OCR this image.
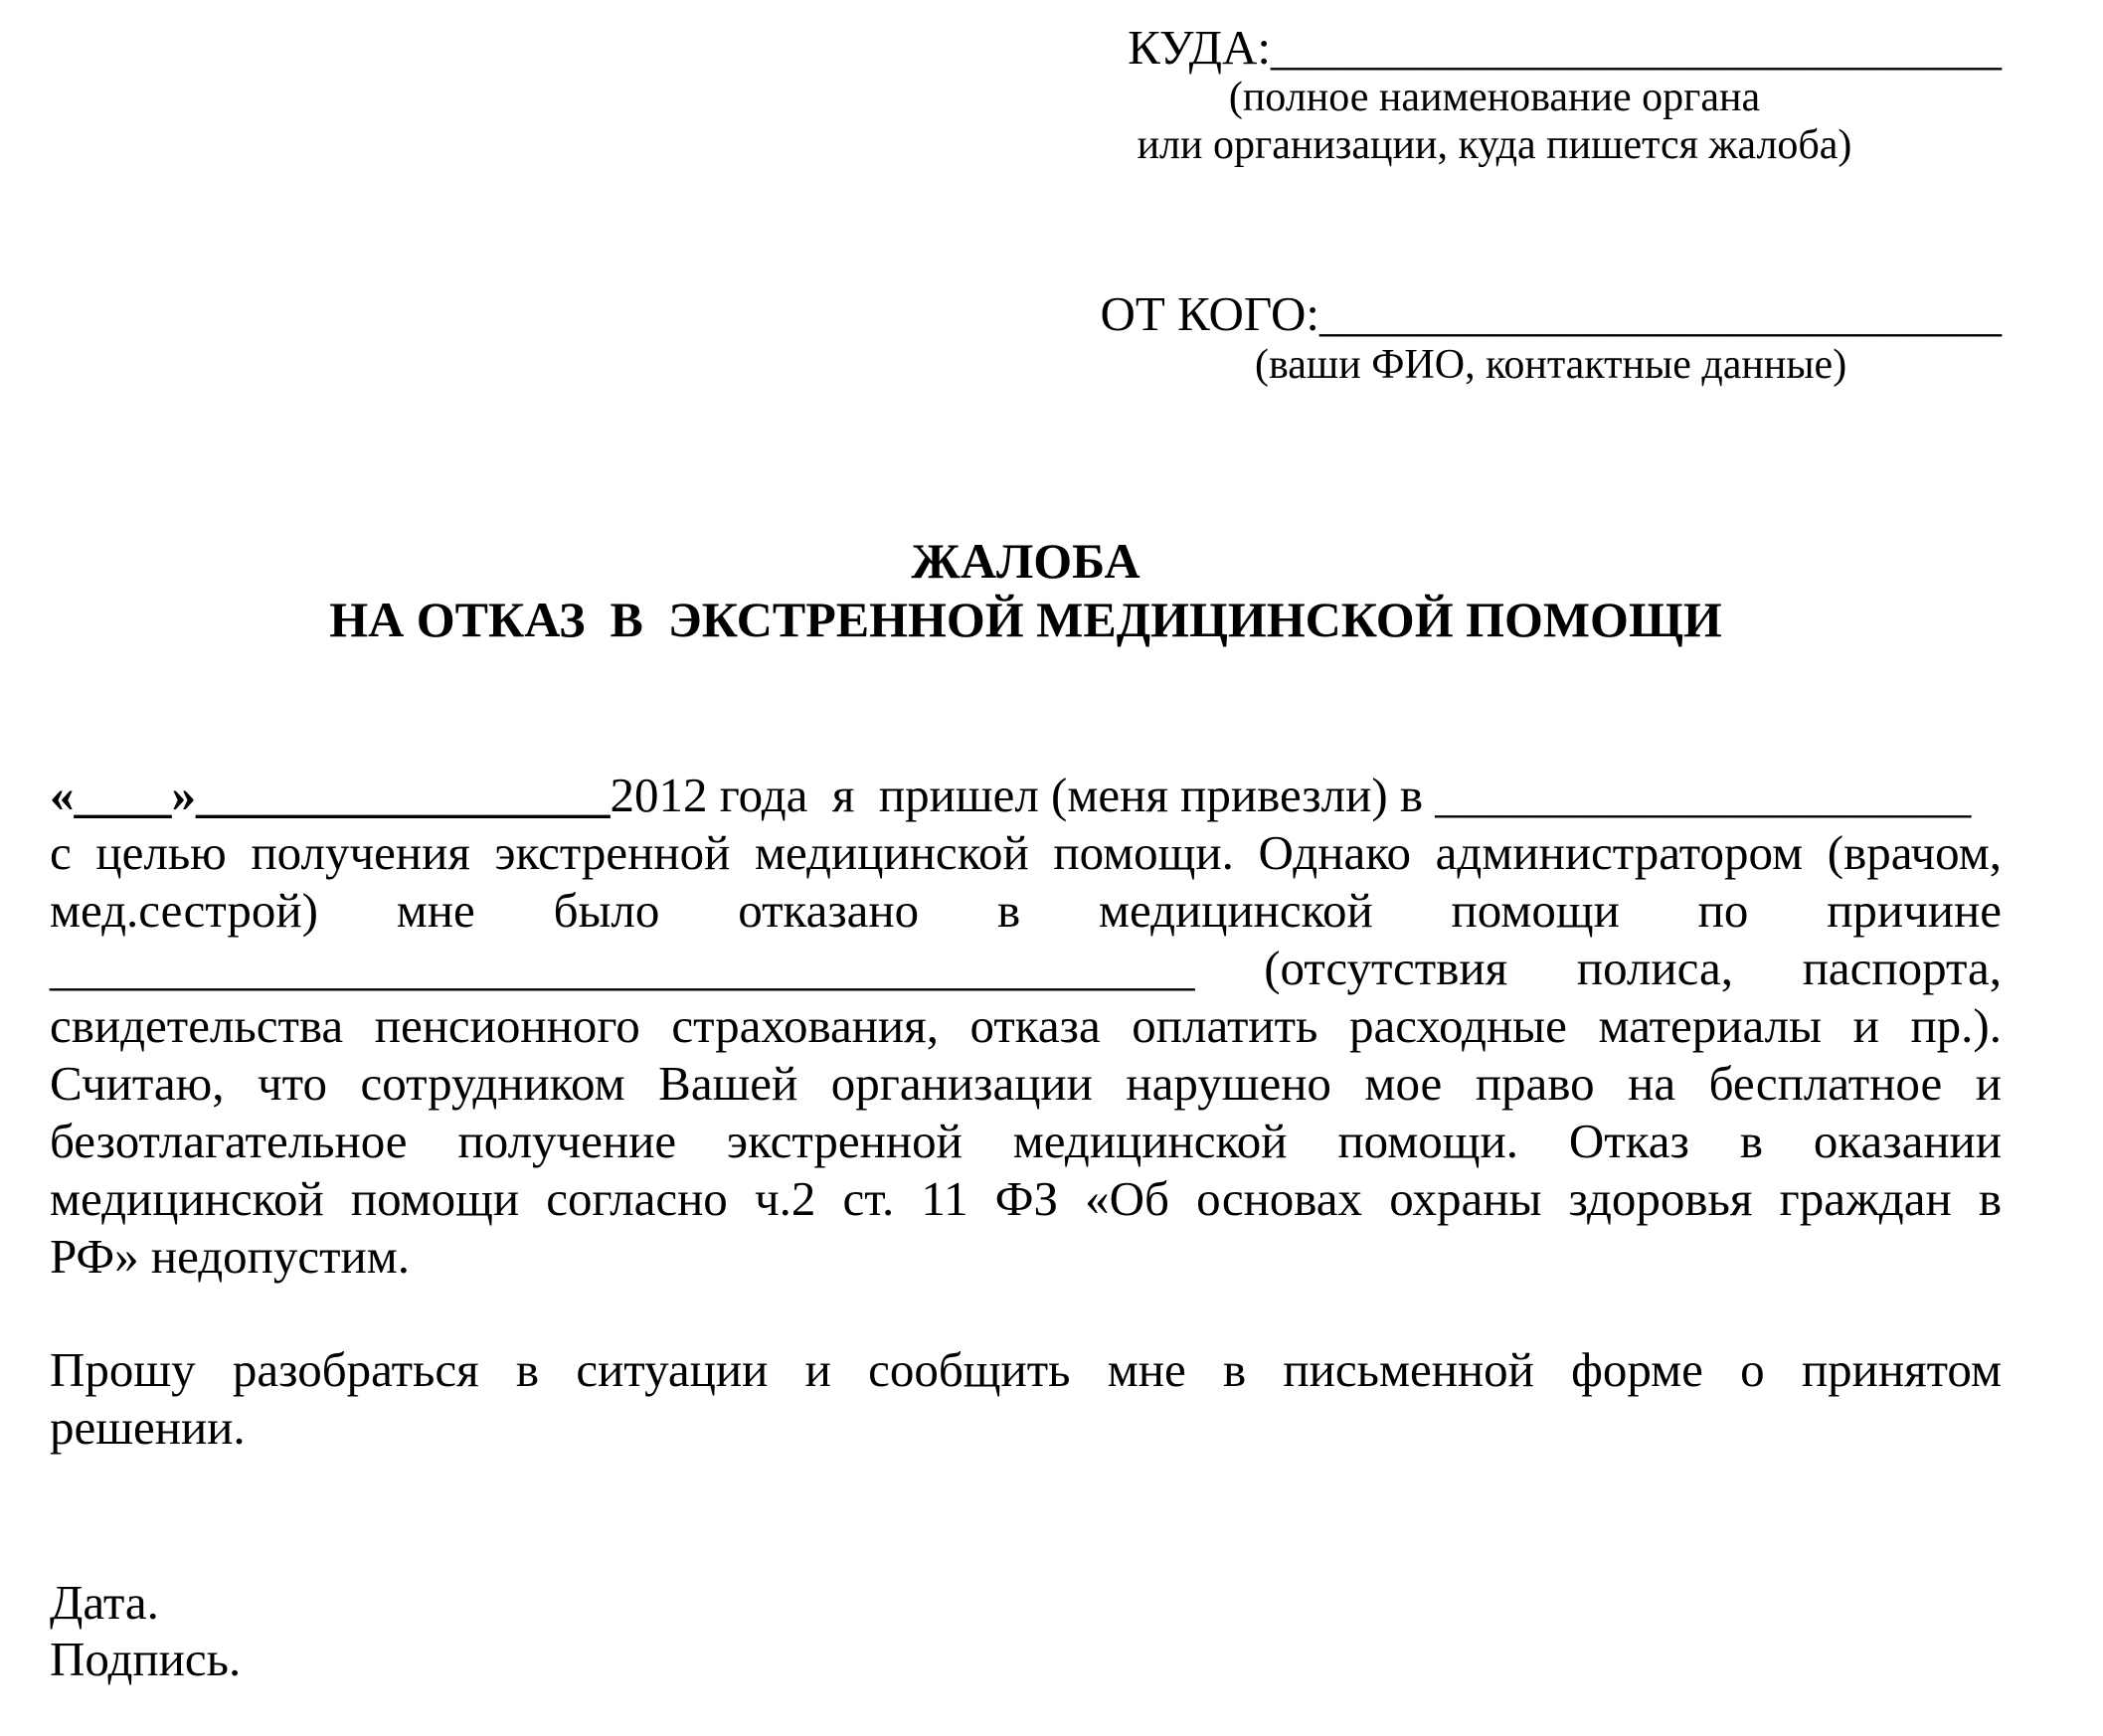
КУДА:______________________________
(полное наименование органа
или организации, куда пишется жалоба)
ОТ КОГО:____________________________
(ваши ФИО, контактные данные)
ЖАЛОБА
НА ОТКАЗ  В  ЭКСТРЕННОЙ МЕДИЦИНСКОЙ ПОМОЩИ
«____»_________________2012 года  я  пришел (меня привезли) в ______________________
с целью получения экстренной медицинской помощи. Однако администратором (врачом,
мед.сестрой) мне было отказано в медицинской помощи по причине
_______________________________________________ (отсутствия полиса, паспорта,
свидетельства пенсионного страхования, отказа оплатить расходные материалы и пр.).
Считаю, что сотрудником Вашей организации нарушено мое право на бесплатное и
безотлагательное получение экстренной медицинской помощи. Отказ в оказании
медицинской помощи согласно ч.2 ст. 11 ФЗ «Об основах охраны здоровья граждан в
РФ» недопустим.
Прошу разобраться в ситуации и сообщить мне в письменной форме о принятом
решении.
Дата.
Подпись.
